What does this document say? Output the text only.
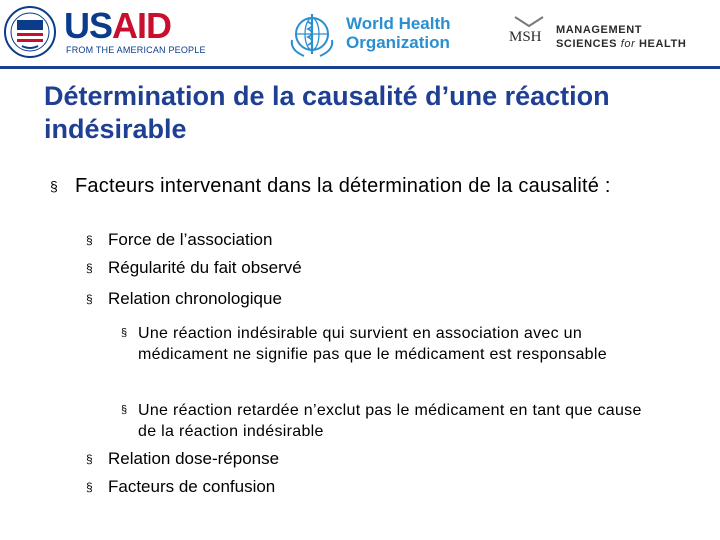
USAID
FROM THE AMERICAN PEOPLE
World Health
Organization	MSH MANAGEMENT
SCIENCES for HEALTH
Détermination de la causalité d’une réaction indésirable
§ Facteurs intervenant dans la détermination de la causalité :
§ Force de l’association
§ Régularité du fait observé
§ Relation chronologique
§ Une réaction indésirable qui survient en association avec un médicament ne signifie pas que le médicament est responsable
§ Une réaction retardée n’exclut pas le médicament en tant que cause de la réaction indésirable
§ Relation dose-réponse
§ Facteurs de confusion
